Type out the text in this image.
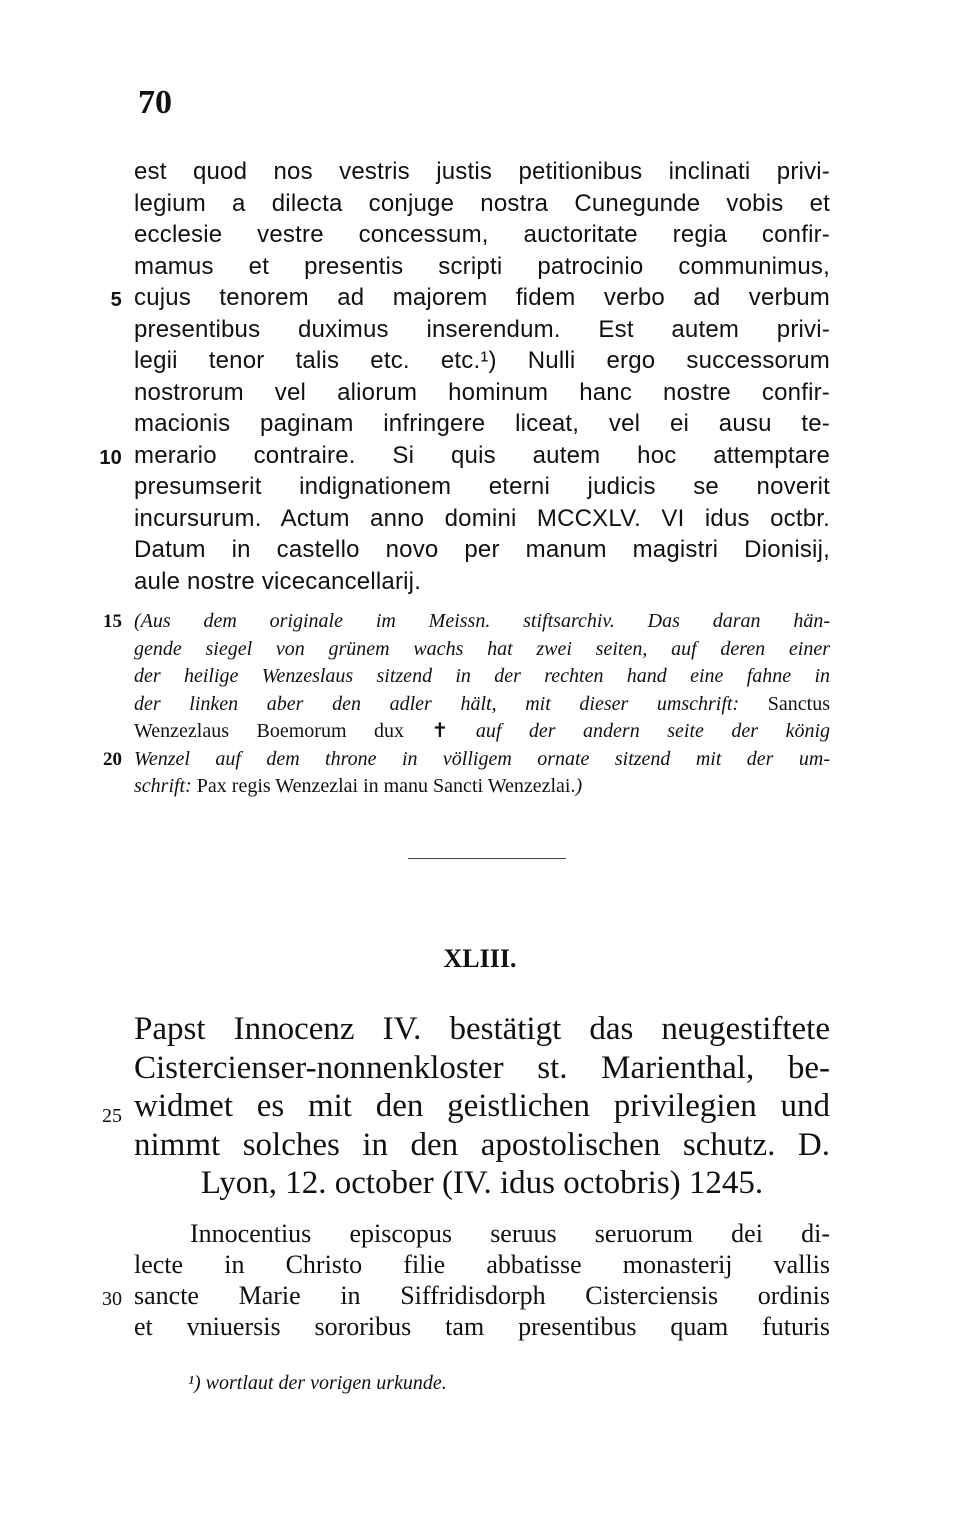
70
est quod nos vestris justis petitionibus inclinati privi-
legium a dilecta conjuge nostra Cunegunde vobis et
ecclesie vestre concessum, auctoritate regia confir-
mamus et presentis scripti patrocinio communimus,
5 cujus tenorem ad majorem fidem verbo ad verbum
presentibus duximus inserendum. Est autem privi-
legii tenor talis etc. etc.¹) Nulli ergo successorum
nostrorum vel aliorum hominum hanc nostre confir-
macionis paginam infringere liceat, vel ei ausu te-
10 merario contraire. Si quis autem hoc attemptare
presumserit indignationem eterni judicis se noverit
incursurum. Actum anno domini MCCXLV. VI idus octbr.
Datum in castello novo per manum magistri Dionisij,
aule nostre vicecancellarij.
15 (Aus dem originale im Meissn. stiftsarchiv. Das daran hän-
gende siegel von grünem wachs hat zwei seiten, auf deren einer
der heilige Wenzeslaus sitzend in der rechten hand eine fahne in
der linken aber den adler hält, mit dieser umschrift: Sanctus
Wenzezlaus Boemorum dux ✝ auf der andern seite der könig
20 Wenzel auf dem throne in völligem ornate sitzend mit der um-
schrift: Pax regis Wenzezlai in manu Sancti Wenzezlai.)
XLIII.
Papst Innocenz IV. bestätigt das neugestiftete
Cistercienser-nonnenkloster st. Marienthal, be-
25 widmet es mit den geistlichen privilegien und
nimmt solches in den apostolischen schutz. D.
Lyon, 12. october (IV. idus octobris) 1245.
Innocentius episcopus seruus seruorum dei di-
lecte in Christo filie abbatisse monasterij vallis
30 sancte Marie in Siffridisdorph Cisterciensis ordinis
et vniuersis sororibus tam presentibus quam futuris
¹) wortlaut der vorigen urkunde.
